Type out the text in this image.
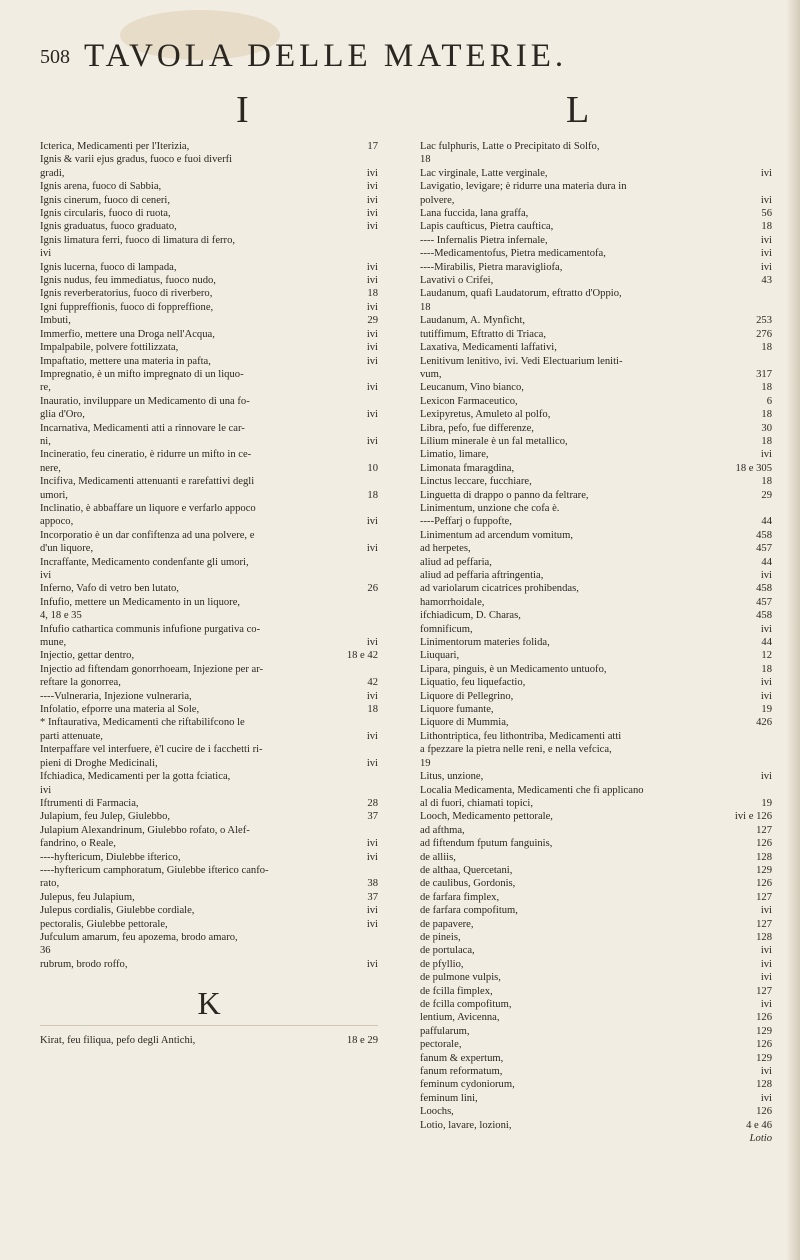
508 TAVOLA DELLE MATERIE.
I	L
Icterica, Medicamenti per l'Iterizia,	17
Ignis & varii ejus gradus, fuoco e fuoi diverfi
gradi,	ivi
Ignis arena, fuoco di Sabbia,	ivi
Ignis cinerum, fuoco di ceneri,	ivi
Ignis circularis, fuoco di ruota,	ivi
Ignis graduatus, fuoco graduato,	ivi
Ignis limatura ferri, fuoco di limatura di ferro,
ivi
Ignis lucerna, fuoco di lampada,	ivi
Ignis nudus, feu immediatus, fuoco nudo,	ivi
Ignis reverberatorius, fuoco di riverbero,	18
Igni fuppreffionis, fuoco di foppreffione,	ivi
Imbuti,	29
Immerfio, mettere una Droga nell'Acqua,	ivi
Impalpabile, polvere fottilizzata,	ivi
Impaftatio, mettere una materia in pafta,	ivi
Impregnatio, è un mifto impregnato di un liquo-
re,	ivi
Inauratio, inviluppare un Medicamento di una fo-
glia d'Oro,	ivi
Incarnativa, Medicamenti atti a rinnovare le car-
ni,	ivi
Incineratio, feu cineratio, è ridurre un mifto in ce-
nere,	10
Incifiva, Medicamenti attenuanti e rarefattivi degli
umori,	18
Inclinatio, è abbaffare un liquore e verfarlo appoco
appoco,	ivi
Incorporatio è un dar confiftenza ad una polvere, e
d'un liquore,	ivi
Incraffante, Medicamento condenfante gli umori,
ivi
Inferno, Vafo di vetro ben lutato,	26
Infufio, mettere un Medicamento in un liquore,
4, 18 e 35
Infufio cathartica communis infufione purgativa co-
mune,	ivi
Injectio, gettar dentro,	18 e 42
Injectio ad fiftendam gonorrhoeam, Injezione per ar-
reftare la gonorrea,	42
----Vulneraria, Injezione vulneraria,	ivi
Infolatio, efporre una materia al Sole,	18
* Inftaurativa, Medicamenti che riftabilifcono le
parti attenuate,	ivi
Interpaffare vel interfuere, è'l cucire de i facchetti ri-
pieni di Droghe Medicinali,	ivi
Ifchiadica, Medicamenti per la gotta fciatica,
ivi
Iftrumenti di Farmacia,	28
Julapium, feu Julep, Giulebbo,	37
Julapium Alexandrinum, Giulebbo rofato, o Alef-
fandrino, o Reale,	ivi
----hyftericum, Diulebbe ifterico,	ivi
----hyftericum camphoratum, Giulebbe ifterico canfo-
rato,	38
Julepus, feu Julapium,	37
Julepus cordialis, Giulebbe cordiale,	ivi
pectoralis, Giulebbe pettorale,	ivi
Jufculum amarum, feu apozema, brodo amaro,
36
rubrum, brodo roffo,	ivi
K
Kirat, feu filiqua, pefo degli Antichi,	18 e 29
Lac fulphuris, Latte o Precipitato di Solfo,
18
Lac virginale, Latte verginale,	ivi
Lavigatio, levigare; è ridurre una materia dura in
polvere,	ivi
Lana fuccida, lana graffa,	56
Lapis caufticus, Pietra cauftica,	18
---- Infernalis Pietra infernale,	ivi
----Medicamentofus, Pietra medicamentofa,	ivi
----Mirabilis, Pietra maravigliofa,	ivi
Lavativi o Crifei,	43
Laudanum, quafi Laudatorum, eftratto d'Oppio,
18
Laudanum, A. Mynficht,	253
tutiffimum, Eftratto di Triaca,	276
Laxativa, Medicamenti laffativi,	18
Lenitivum lenitivo, ivi. Vedi Electuarium leniti-
vum,	317
Leucanum, Vino bianco,	18
Lexicon Farmaceutico,	6
Lexipyretus, Amuleto al polfo,	18
Libra, pefo, fue differenze,	30
Lilium minerale è un fal metallico,	18
Limatio, limare,	ivi
Limonata fmaragdina,	18 e 305
Linctus leccare, fucchiare,	18
Linguetta di drappo o panno da feltrare,	29
Linimentum, unzione che cofa è.
----Peffarj o fuppofte,	44
Linimentum ad arcendum vomitum,	458
ad herpetes,	457
aliud ad peffaria,	44
aliud ad peffaria aftringentia,	ivi
ad variolarum cicatrices prohibendas,	458
hamorrhoidale,	457
ifchiadicum, D. Charas,	458
fomnificum,	ivi
Linimentorum materies folida,	44
Liuquari,	12
Lipara, pinguis, è un Medicamento untuofo,	18
Liquatio, feu liquefactio,	ivi
Liquore di Pellegrino,	ivi
Liquore fumante,	19
Liquore di Mummia,	426
Lithontriptica, feu lithontriba, Medicamenti atti
a fpezzare la pietra nelle reni, e nella vefcica,
19
Litus, unzione,	ivi
Localia Medicamenta, Medicamenti che fi applicano
al di fuori, chiamati topici,	19
Looch, Medicamento pettorale,	ivi e 126
ad afthma,	127
ad fiftendum fputum fanguinis,	126
de alliis,	128
de althaa, Quercetani,	129
de caulibus, Gordonis,	126
de farfara fimplex,	127
de farfara compofitum,	ivi
de papavere,	127
de pineis,	128
de portulaca,	ivi
de pfyllio,	ivi
de pulmone vulpis,	ivi
de fcilla fimplex,	127
de fcilla compofitum,	ivi
lentium, Avicenna,	126
paffularum,	129
pectorale,	126
fanum & expertum,	129
fanum reformatum,	ivi
feminum cydoniorum,	128
feminum lini,	ivi
Loochs,	126
Lotio, lavare, lozioni,	4 e 46
Lotio
